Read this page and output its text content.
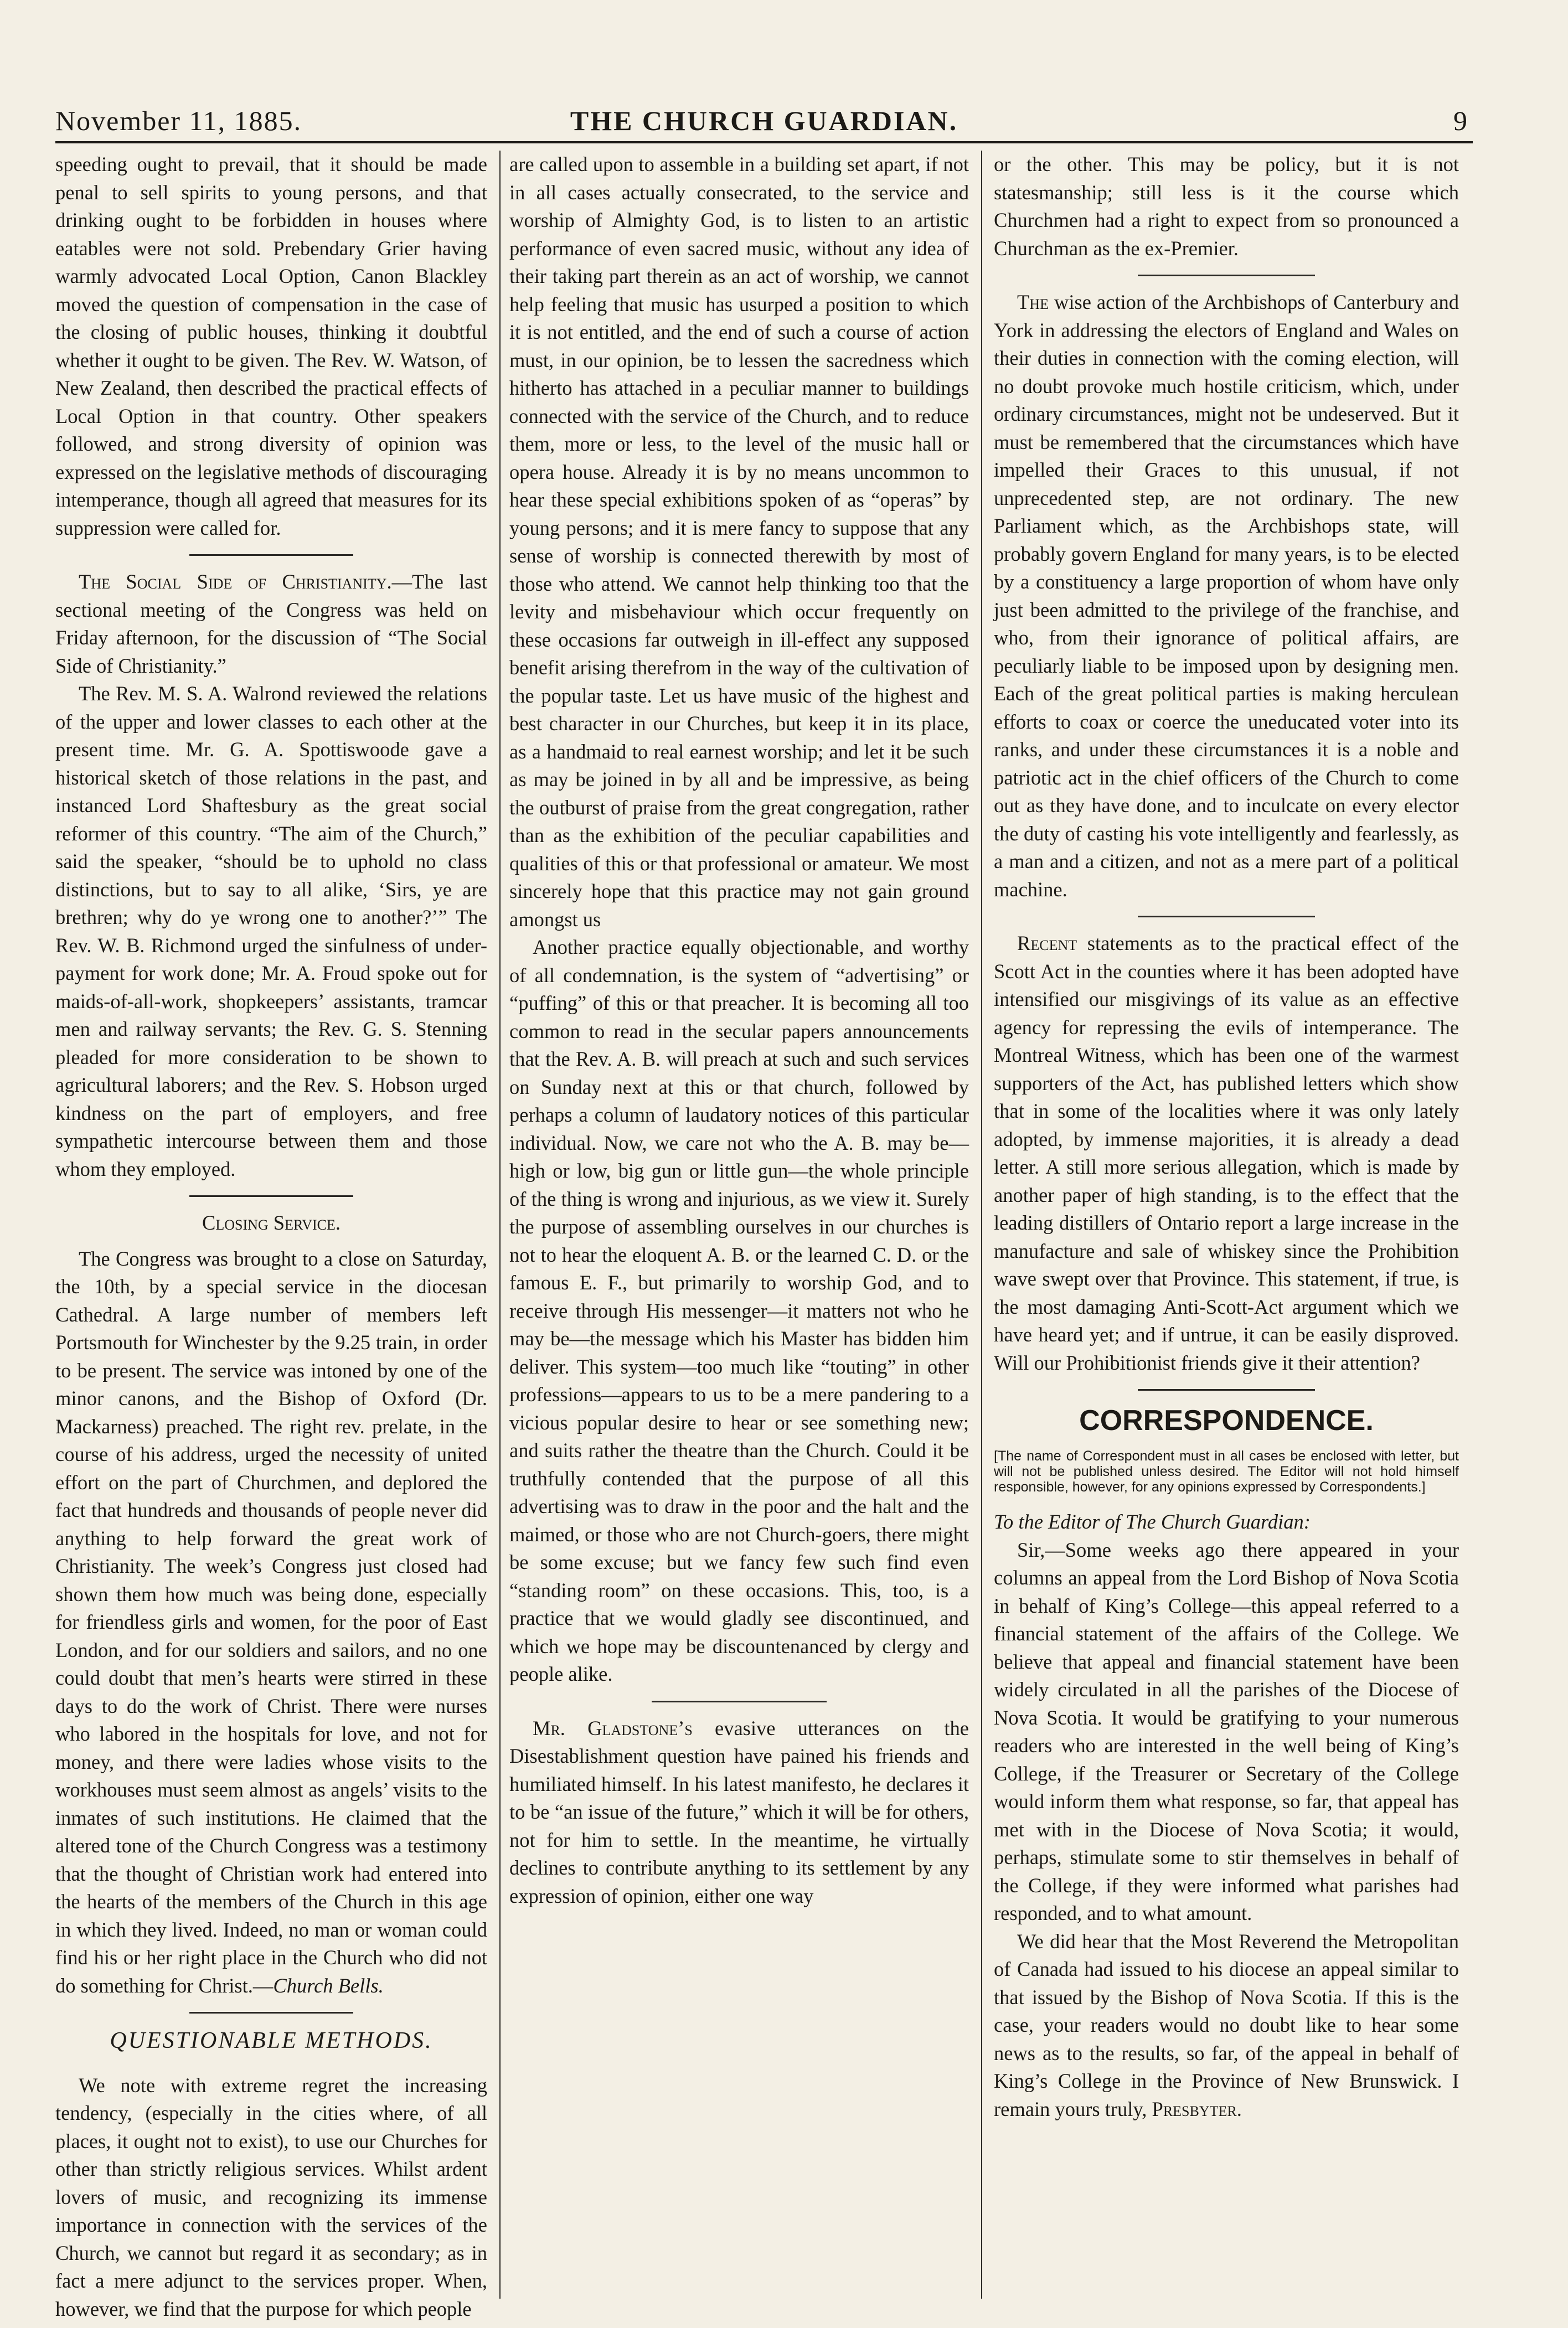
November 11, 1885.	THE CHURCH GUARDIAN.	9

speeding ought to prevail, that it should be made penal to sell spirits to young persons, and that drinking ought to be forbidden in houses where eatables were not sold. Prebendary Grier having warmly advocated Local Option, Canon Blackley moved the question of compensation in the case of the closing of public houses, thinking it doubtful whether it ought to be given. The Rev. W. Watson, of New Zealand, then described the practical effects of Local Option in that country. Other speakers followed, and strong diversity of opinion was expressed on the legislative methods of discouraging intemperance, though all agreed that measures for its suppression were called for.

The Social Side of Christianity.—The last sectional meeting of the Congress was held on Friday afternoon, for the discussion of “The Social Side of Christianity.”

The Rev. M. S. A. Walrond reviewed the relations of the upper and lower classes to each other at the present time. Mr. G. A. Spottiswoode gave a historical sketch of those relations in the past, and instanced Lord Shaftesbury as the great social reformer of this country. “The aim of the Church,” said the speaker, “should be to uphold no class distinctions, but to say to all alike, ‘Sirs, ye are brethren; why do ye wrong one to another?’” The Rev. W. B. Richmond urged the sinfulness of under-payment for work done; Mr. A. Froud spoke out for maids-of-all-work, shopkeepers’ assistants, tramcar men and railway servants; the Rev. G. S. Stenning pleaded for more consideration to be shown to agricultural laborers; and the Rev. S. Hobson urged kindness on the part of employers, and free sympathetic intercourse between them and those whom they employed.

Closing Service.

The Congress was brought to a close on Saturday, the 10th, by a special service in the diocesan Cathedral. A large number of members left Portsmouth for Winchester by the 9.25 train, in order to be present. The service was intoned by one of the minor canons, and the Bishop of Oxford (Dr. Mackarness) preached. The right rev. prelate, in the course of his address, urged the necessity of united effort on the part of Churchmen, and deplored the fact that hundreds and thousands of people never did anything to help forward the great work of Christianity. The week’s Congress just closed had shown them how much was being done, especially for friendless girls and women, for the poor of East London, and for our soldiers and sailors, and no one could doubt that men’s hearts were stirred in these days to do the work of Christ. There were nurses who labored in the hospitals for love, and not for money, and there were ladies whose visits to the workhouses must seem almost as angels’ visits to the inmates of such institutions. He claimed that the altered tone of the Church Congress was a testimony that the thought of Christian work had entered into the hearts of the members of the Church in this age in which they lived. Indeed, no man or woman could find his or her right place in the Church who did not do something for Christ.—Church Bells.

QUESTIONABLE METHODS.

We note with extreme regret the increasing tendency, (especially in the cities where, of all places, it ought not to exist), to use our Churches for other than strictly religious services. Whilst ardent lovers of music, and recognizing its immense importance in connection with the services of the Church, we cannot but regard it as secondary; as in fact a mere adjunct to the services proper. When, however, we find that the purpose for which people

are called upon to assemble in a building set apart, if not in all cases actually consecrated, to the service and worship of Almighty God, is to listen to an artistic performance of even sacred music, without any idea of their taking part therein as an act of worship, we cannot help feeling that music has usurped a position to which it is not entitled, and the end of such a course of action must, in our opinion, be to lessen the sacredness which hitherto has attached in a peculiar manner to buildings connected with the service of the Church, and to reduce them, more or less, to the level of the music hall or opera house. Already it is by no means uncommon to hear these special exhibitions spoken of as “operas” by young persons; and it is mere fancy to suppose that any sense of worship is connected therewith by most of those who attend. We cannot help thinking too that the levity and misbehaviour which occur frequently on these occasions far outweigh in ill-effect any supposed benefit arising therefrom in the way of the cultivation of the popular taste. Let us have music of the highest and best character in our Churches, but keep it in its place, as a handmaid to real earnest worship; and let it be such as may be joined in by all and be impressive, as being the outburst of praise from the great congregation, rather than as the exhibition of the peculiar capabilities and qualities of this or that professional or amateur. We most sincerely hope that this practice may not gain ground amongst us

Another practice equally objectionable, and worthy of all condemnation, is the system of “advertising” or “puffing” of this or that preacher. It is becoming all too common to read in the secular papers announcements that the Rev. A. B. will preach at such and such services on Sunday next at this or that church, followed by perhaps a column of laudatory notices of this particular individual. Now, we care not who the A. B. may be—high or low, big gun or little gun—the whole principle of the thing is wrong and injurious, as we view it. Surely the purpose of assembling ourselves in our churches is not to hear the eloquent A. B. or the learned C. D. or the famous E. F., but primarily to worship God, and to receive through His messenger—it matters not who he may be—the message which his Master has bidden him deliver. This system—too much like “touting” in other professions—appears to us to be a mere pandering to a vicious popular desire to hear or see something new; and suits rather the theatre than the Church. Could it be truthfully contended that the purpose of all this advertising was to draw in the poor and the halt and the maimed, or those who are not Church-goers, there might be some excuse; but we fancy few such find even “standing room” on these occasions. This, too, is a practice that we would gladly see discontinued, and which we hope may be discountenanced by clergy and people alike.

Mr. Gladstone’s evasive utterances on the Disestablishment question have pained his friends and humiliated himself. In his latest manifesto, he declares it to be “an issue of the future,” which it will be for others, not for him to settle. In the meantime, he virtually declines to contribute anything to its settlement by any expression of opinion, either one way

or the other. This may be policy, but it is not statesmanship; still less is it the course which Churchmen had a right to expect from so pronounced a Churchman as the ex-Premier.

The wise action of the Archbishops of Canterbury and York in addressing the electors of England and Wales on their duties in connection with the coming election, will no doubt provoke much hostile criticism, which, under ordinary circumstances, might not be undeserved. But it must be remembered that the circumstances which have impelled their Graces to this unusual, if not unprecedented step, are not ordinary. The new Parliament which, as the Archbishops state, will probably govern England for many years, is to be elected by a constituency a large proportion of whom have only just been admitted to the privilege of the franchise, and who, from their ignorance of political affairs, are peculiarly liable to be imposed upon by designing men. Each of the great political parties is making herculean efforts to coax or coerce the uneducated voter into its ranks, and under these circumstances it is a noble and patriotic act in the chief officers of the Church to come out as they have done, and to inculcate on every elector the duty of casting his vote intelligently and fearlessly, as a man and a citizen, and not as a mere part of a political machine.

Recent statements as to the practical effect of the Scott Act in the counties where it has been adopted have intensified our misgivings of its value as an effective agency for repressing the evils of intemperance. The Montreal Witness, which has been one of the warmest supporters of the Act, has published letters which show that in some of the localities where it was only lately adopted, by immense majorities, it is already a dead letter. A still more serious allegation, which is made by another paper of high standing, is to the effect that the leading distillers of Ontario report a large increase in the manufacture and sale of whiskey since the Prohibition wave swept over that Province. This statement, if true, is the most damaging Anti-Scott-Act argument which we have heard yet; and if untrue, it can be easily disproved. Will our Prohibitionist friends give it their attention?

CORRESPONDENCE.

[The name of Correspondent must in all cases be enclosed with letter, but will not be published unless desired. The Editor will not hold himself responsible, however, for any opinions expressed by Correspondents.]

To the Editor of The Church Guardian:

Sir,—Some weeks ago there appeared in your columns an appeal from the Lord Bishop of Nova Scotia in behalf of King’s College—this appeal referred to a financial statement of the affairs of the College. We believe that appeal and financial statement have been widely circulated in all the parishes of the Diocese of Nova Scotia. It would be gratifying to your numerous readers who are interested in the well being of King’s College, if the Treasurer or Secretary of the College would inform them what response, so far, that appeal has met with in the Diocese of Nova Scotia; it would, perhaps, stimulate some to stir themselves in behalf of the College, if they were informed what parishes had responded, and to what amount.

We did hear that the Most Reverend the Metropolitan of Canada had issued to his diocese an appeal similar to that issued by the Bishop of Nova Scotia. If this is the case, your readers would no doubt like to hear some news as to the results, so far, of the appeal in behalf of King’s College in the Province of New Brunswick. I remain yours truly, Presbyter.
